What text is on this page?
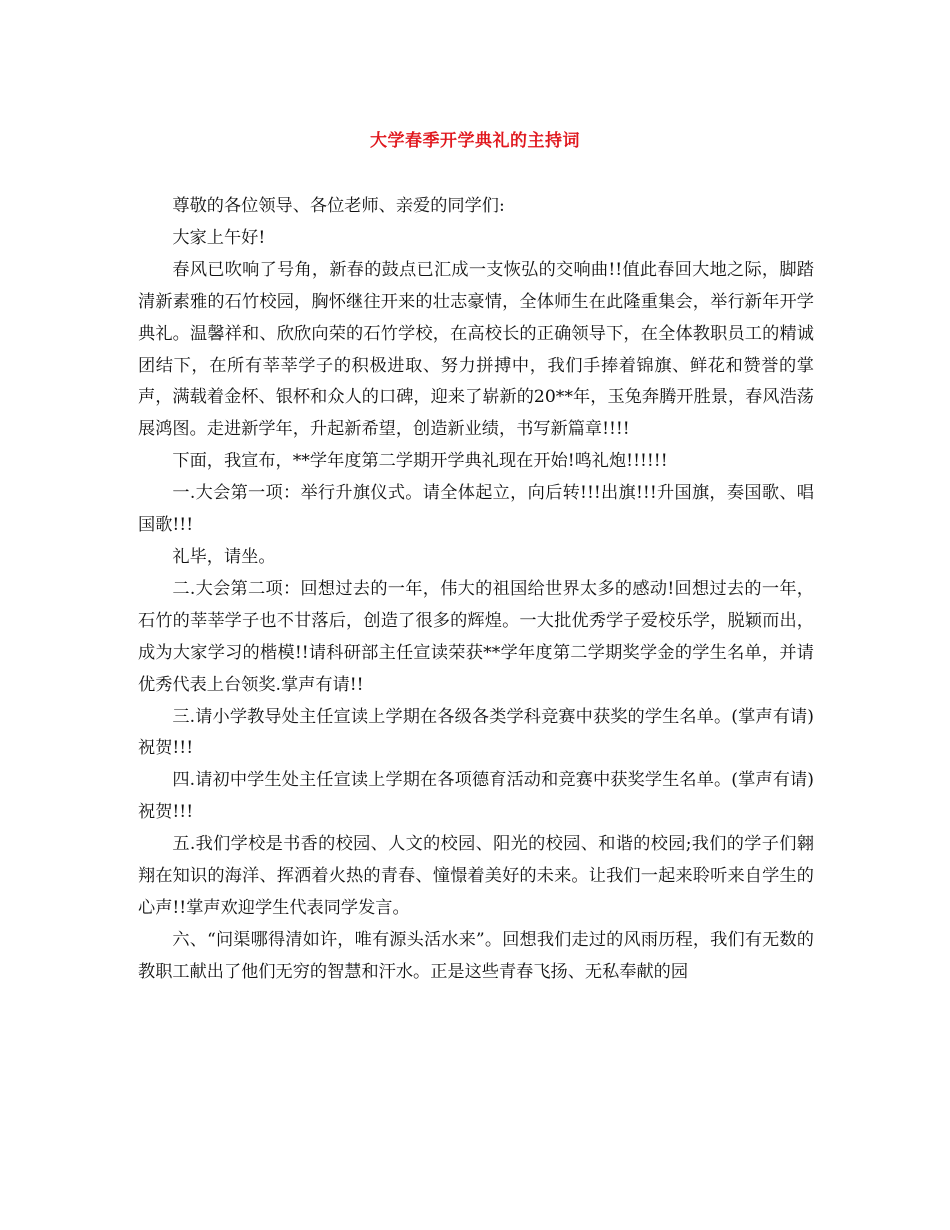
大学春季开学典礼的主持词

尊敬的各位领导、各位老师、亲爱的同学们:

大家上午好!

春风已吹响了号角，新春的鼓点已汇成一支恢弘的交响曲!!值此春回大地之际，脚踏清新素雅的石竹校园，胸怀继往开来的壮志豪情，全体师生在此隆重集会，举行新年开学典礼。温馨祥和、欣欣向荣的石竹学校，在高校长的正确领导下，在全体教职员工的精诚团结下，在所有莘莘学子的积极进取、努力拼搏中，我们手捧着锦旗、鲜花和赞誉的掌声，满载着金杯、银杯和众人的口碑，迎来了崭新的20**年，玉兔奔腾开胜景，春风浩荡展鸿图。走进新学年，升起新希望，创造新业绩，书写新篇章!!!!

下面，我宣布，**学年度第二学期开学典礼现在开始!鸣礼炮!!!!!!

一.大会第一项：举行升旗仪式。请全体起立，向后转!!!出旗!!!升国旗，奏国歌、唱国歌!!!

礼毕，请坐。

二.大会第二项：回想过去的一年，伟大的祖国给世界太多的感动!回想过去的一年，石竹的莘莘学子也不甘落后，创造了很多的辉煌。一大批优秀学子爱校乐学，脱颖而出，成为大家学习的楷模!!请科研部主任宣读荣获**学年度第二学期奖学金的学生名单，并请优秀代表上台领奖.掌声有请!!

三.请小学教导处主任宣读上学期在各级各类学科竞赛中获奖的学生名单。(掌声有请)祝贺!!!

四.请初中学生处主任宣读上学期在各项德育活动和竞赛中获奖学生名单。(掌声有请)祝贺!!!

五.我们学校是书香的校园、人文的校园、阳光的校园、和谐的校园;我们的学子们翱翔在知识的海洋、挥洒着火热的青春、憧憬着美好的未来。让我们一起来聆听来自学生的心声!!掌声欢迎学生代表同学发言。

六、“问渠哪得清如许，唯有源头活水来”。回想我们走过的风雨历程，我们有无数的教职工献出了他们无穷的智慧和汗水。正是这些青春飞扬、无私奉献的园
